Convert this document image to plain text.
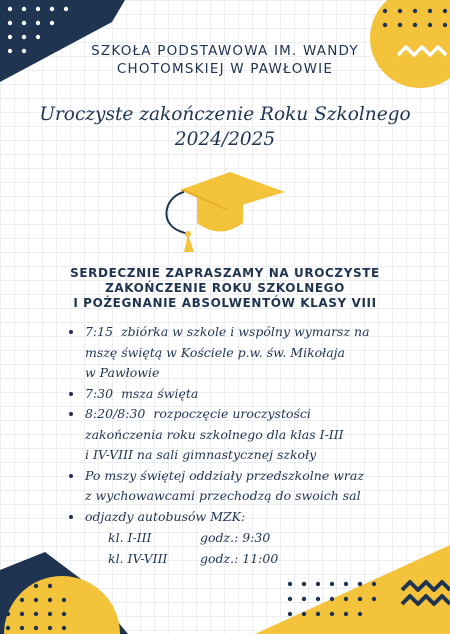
SZKOŁA PODSTAWOWA IM. WANDY
CHOTOMSKIEJ W PAWŁOWIE
Uroczyste zakończenie Roku Szkolnego
2024/2025
SERDECZNIE ZAPRASZAMY NA UROCZYSTE
ZAKOŃCZENIE ROKU SZKOLNEGO
I POŻEGNANIE ABSOLWENTÓW KLASY VIII
7:15 zbiórka w szkole i wspólny wymarsz na
mszę świętą w Kościele p.w. św. Mikołaja
w Pawłowie
7:30 msza święta
8:20/8:30 rozpoczęcie uroczystości
zakończenia roku szkolnego dla klas I-III
i IV-VIII na sali gimnastycznej szkoły
Po mszy świętej oddziały przedszkolne wraz
z wychowawcami przechodzą do swoich sal
odjazdy autobusów MZK:
kl. I-III	godz.: 9:30
kl. IV-VIII	godz.: 11:00
